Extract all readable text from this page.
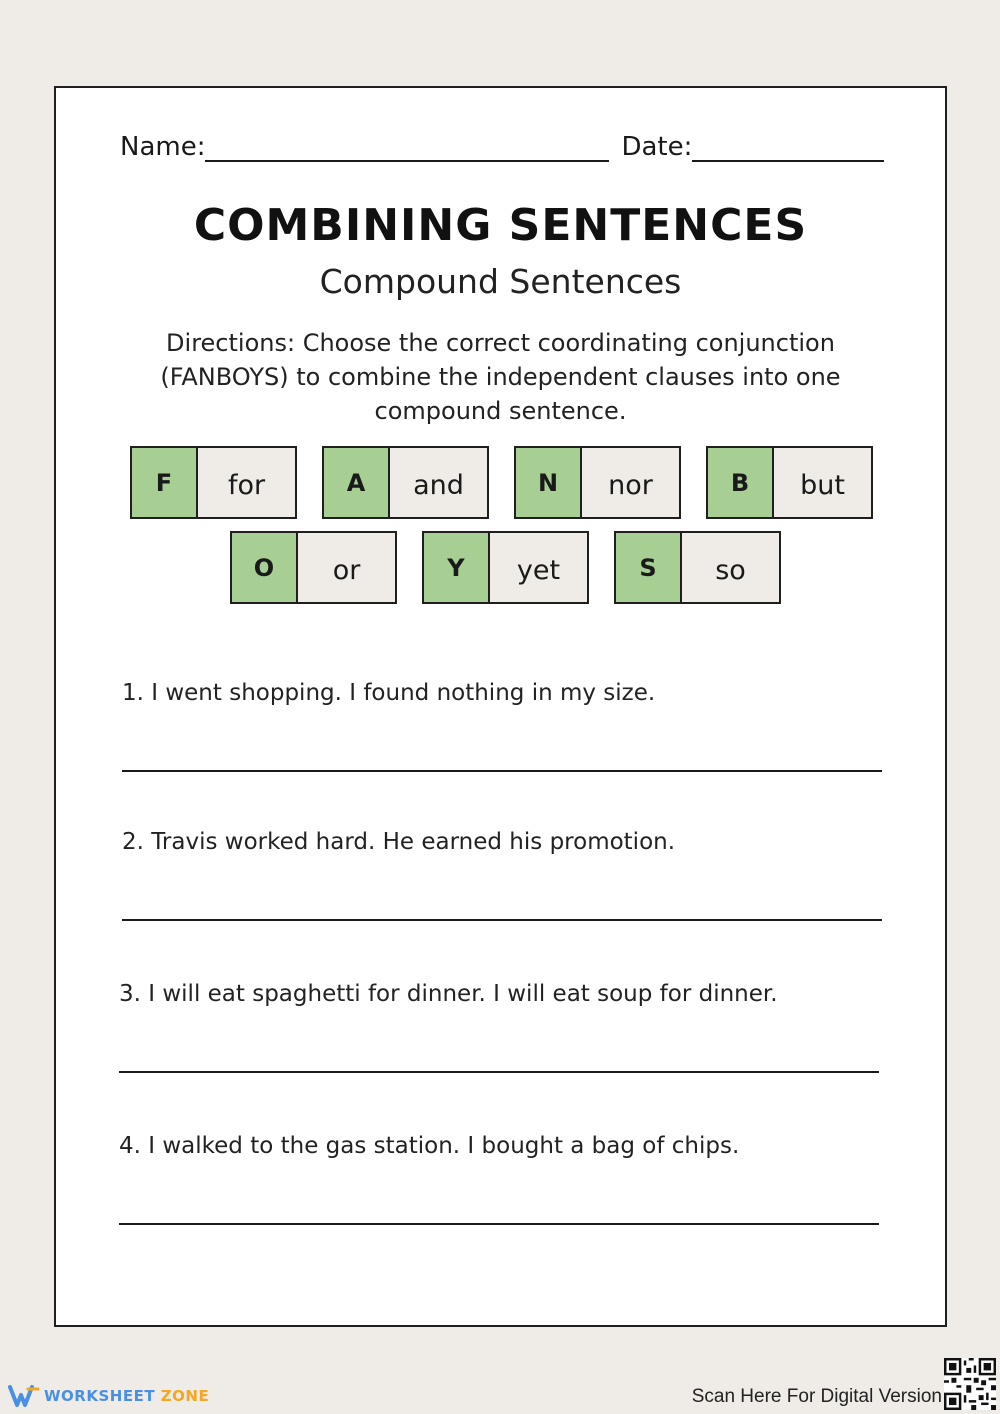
Name:	Date:
COMBINING SENTENCES
Compound Sentences
Directions: Choose the correct coordinating conjunction (FANBOYS) to combine the independent clauses into one compound sentence.
F	for	A	and	N	nor	B	but
O	or	Y	yet	S	so
1. I went shopping. I found nothing in my size.
2. Travis worked hard. He earned his promotion.
3. I will eat spaghetti for dinner. I will eat soup for dinner.
4. I walked to the gas station. I bought a bag of chips.
WORKSHEET ZONE	Scan Here For Digital Version
